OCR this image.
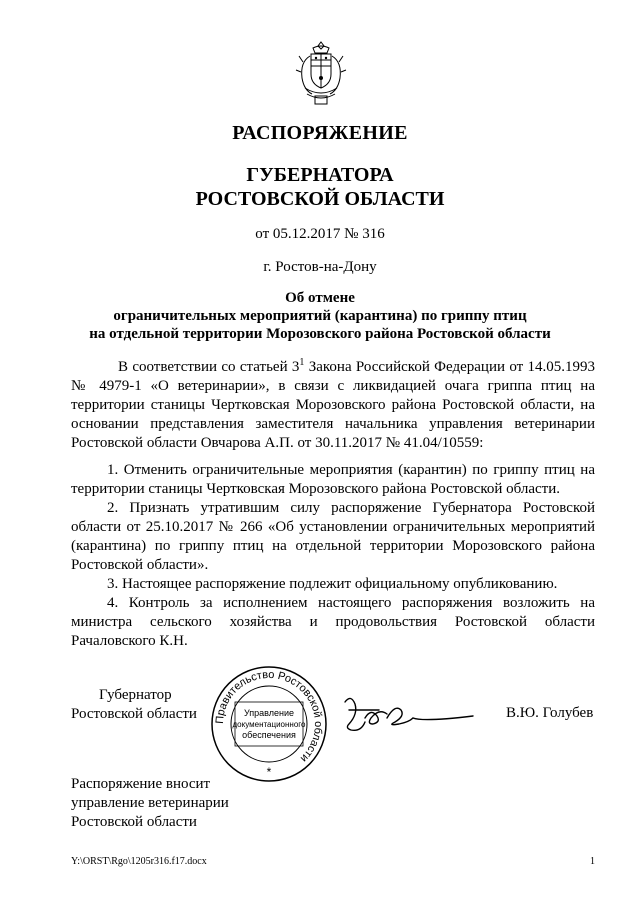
РАСПОРЯЖЕНИЕ
ГУБЕРНАТОРА
РОСТОВСКОЙ ОБЛАСТИ
от 05.12.2017 № 316
г. Ростов-на-Дону
Об отмене
ограничительных мероприятий (карантина) по гриппу птиц
на отдельной территории Морозовского района Ростовской области

В соответствии со статьей $3^1$ Закона Российской Федерации от 14.05.1993 № 4979-1 «О ветеринарии», в связи с ликвидацией очага гриппа птиц на территории станицы Чертковская Морозовского района Ростовской области, на основании представления заместителя начальника управления ветеринарии Ростовской области Овчарова А.П. от 30.11.2017 № 41.04/10559:

1. Отменить ограничительные мероприятия (карантин) по гриппу птиц на территории станицы Чертковская Морозовского района Ростовской области.

2. Признать утратившим силу распоряжение Губернатора Ростовской области от 25.10.2017 № 266 «Об установлении ограничительных мероприятий (карантина) по гриппу птиц на отдельной территории Морозовского района Ростовской области».

3. Настоящее распоряжение подлежит официальному опубликованию.

4. Контроль за исполнением настоящего распоряжения возложить на министра сельского хозяйства и продовольствия Ростовской области Рачаловского К.Н.

Губернатор
Ростовской области	Правительство Ростовской области
Управление
документационного
обеспечения
*
В.Ю. Голубев
Распоряжение вносит
управление ветеринарии
Ростовской области
Y:\ORST\Rgo\1205r316.f17.docx	1
